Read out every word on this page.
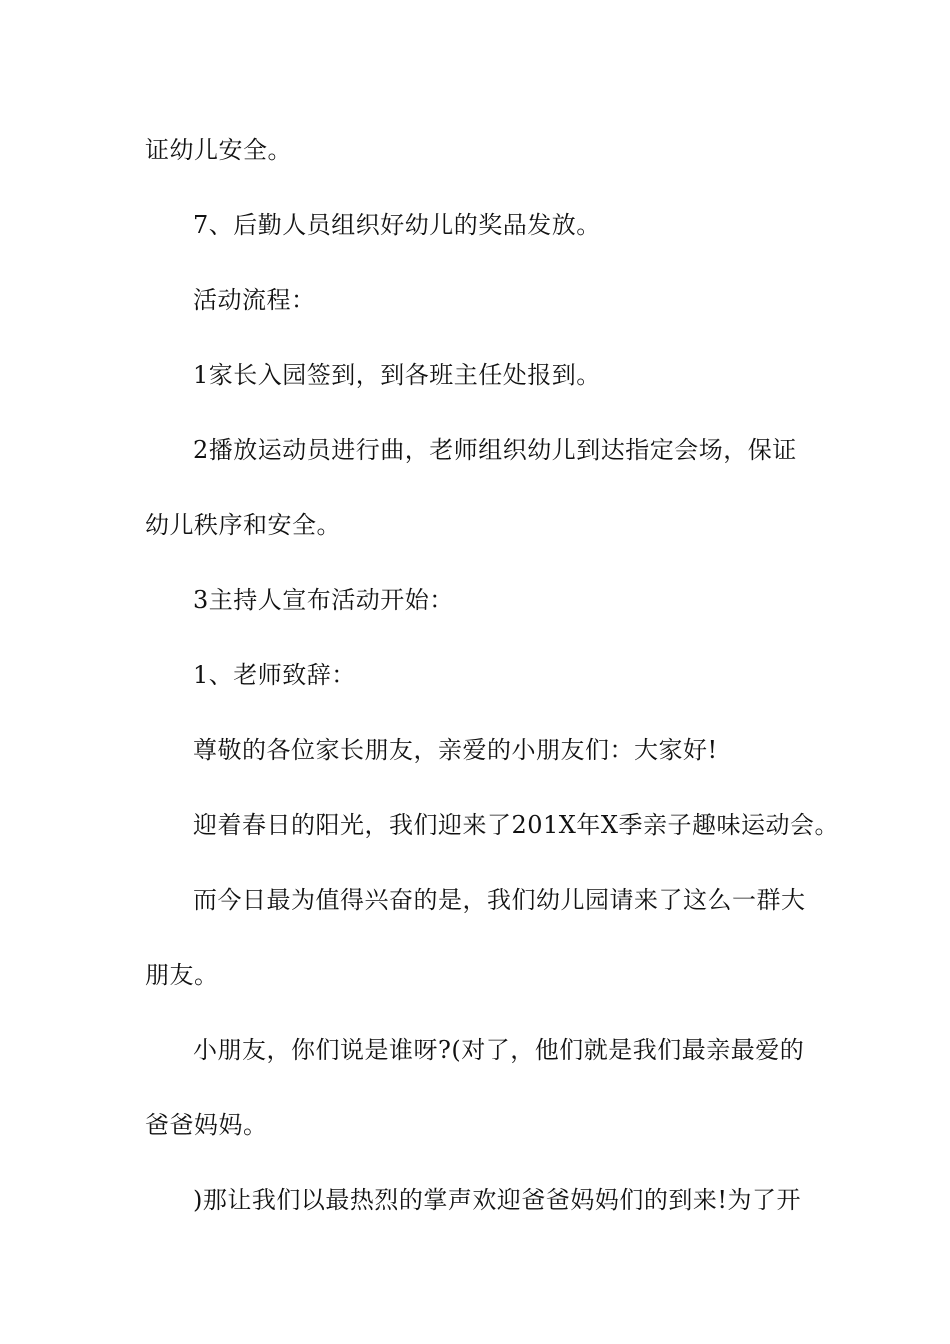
证幼儿安全。
7、后勤人员组织好幼儿的奖品发放。
活动流程：
1家长入园签到，到各班主任处报到。
2播放运动员进行曲，老师组织幼儿到达指定会场，保证
幼儿秩序和安全。
3主持人宣布活动开始：
1、老师致辞：
尊敬的各位家长朋友，亲爱的小朋友们：大家好!
迎着春日的阳光，我们迎来了201X年X季亲子趣味运动会。
而今日最为值得兴奋的是，我们幼儿园请来了这么一群大
朋友。
小朋友，你们说是谁呀?(对了，他们就是我们最亲最爱的
爸爸妈妈。
)那让我们以最热烈的掌声欢迎爸爸妈妈们的到来!为了开
